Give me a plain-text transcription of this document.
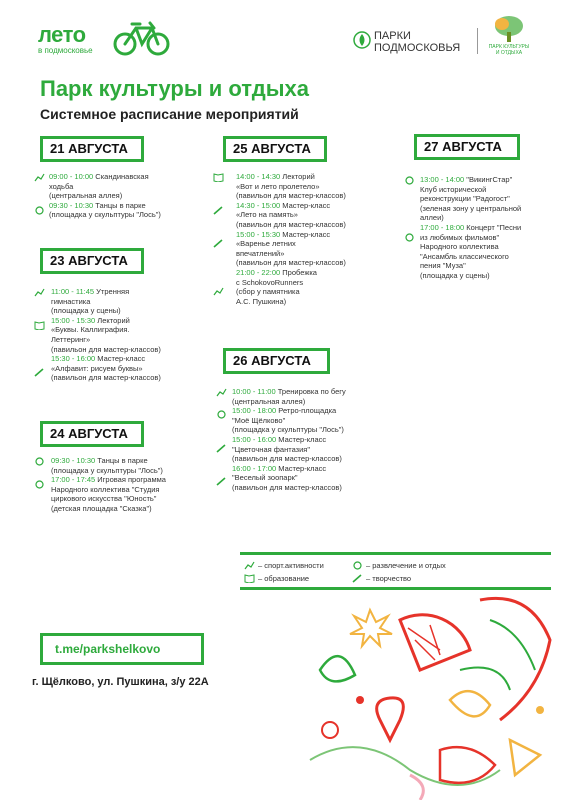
лето
в подмосковье
ПАРКИ
ПОДМОСКОВЬЯ	ПАРК КУЛЬТУРЫ
И ОТДЫХА
Парк культуры и отдыха
Системное расписание мероприятий
21 АВГУСТА
23 АВГУСТА
24 АВГУСТА
25 АВГУСТА
26 АВГУСТА
27 АВГУСТА
09:00 - 10:00 Скандинавская
ходьба
(центральная аллея)
09:30 - 10:30 Танцы в парке
(площадка у скульптуры "Лось")
11:00 - 11:45 Утренняя
гимнастика
(площадка у сцены)
15:00 - 15:30 Лекторий
«Буквы. Каллиграфия.
Леттеринг»
(павильон для мастер-классов)
15:30 - 16:00 Мастер-класс
«Алфавит: рисуем буквы»
(павильон для мастер-классов)
09:30 - 10:30 Танцы в парке
(площадка у скульптуры "Лось")
17:00 - 17:45 Игровая программа
Народного коллектива "Студия
циркового искусства "Юность"
(детская площадка "Сказка")
14:00 - 14:30 Лекторий
«Вот и лето пролетело»
(павильон для мастер-классов)
14:30 - 15:00 Мастер-класс
«Лето на память»
(павильон для мастер-классов)
15:00 - 15:30 Мастер-класс
«Варенье летних
впечатлений»
(павильон для мастер-классов)
21:00 - 22:00 Пробежка
с SchokovoRunners
(сбор у памятника
А.С. Пушкина)
10:00 - 11:00 Тренировка по бегу
(центральная аллея)
15:00 - 18:00 Ретро-площадка
"Моё Щёлково"
(площадка у скульптуры "Лось")
15:00 - 16:00 Мастер-класс
"Цветочная фантазия"
(павильон для мастер-классов)
16:00 - 17:00 Мастер-класс
"Веселый зоопарк"
(павильон для мастер-классов)
13:00 - 14:00 "ВикингСтар"
Клуб исторической
реконструкции "Радогост"
(зеленая зону у центральной
аллеи)
17:00 - 18:00 Концерт "Песни
из любимых фильмов"
Народного коллектива
"Ансамбль классического
пения "Муза"
(площадка у сцены)
– спорт.активности
– образование
– развлечение и отдых
– творчество
t.me/parkshelkovo
г. Щёлково, ул. Пушкина, з/у 22А
